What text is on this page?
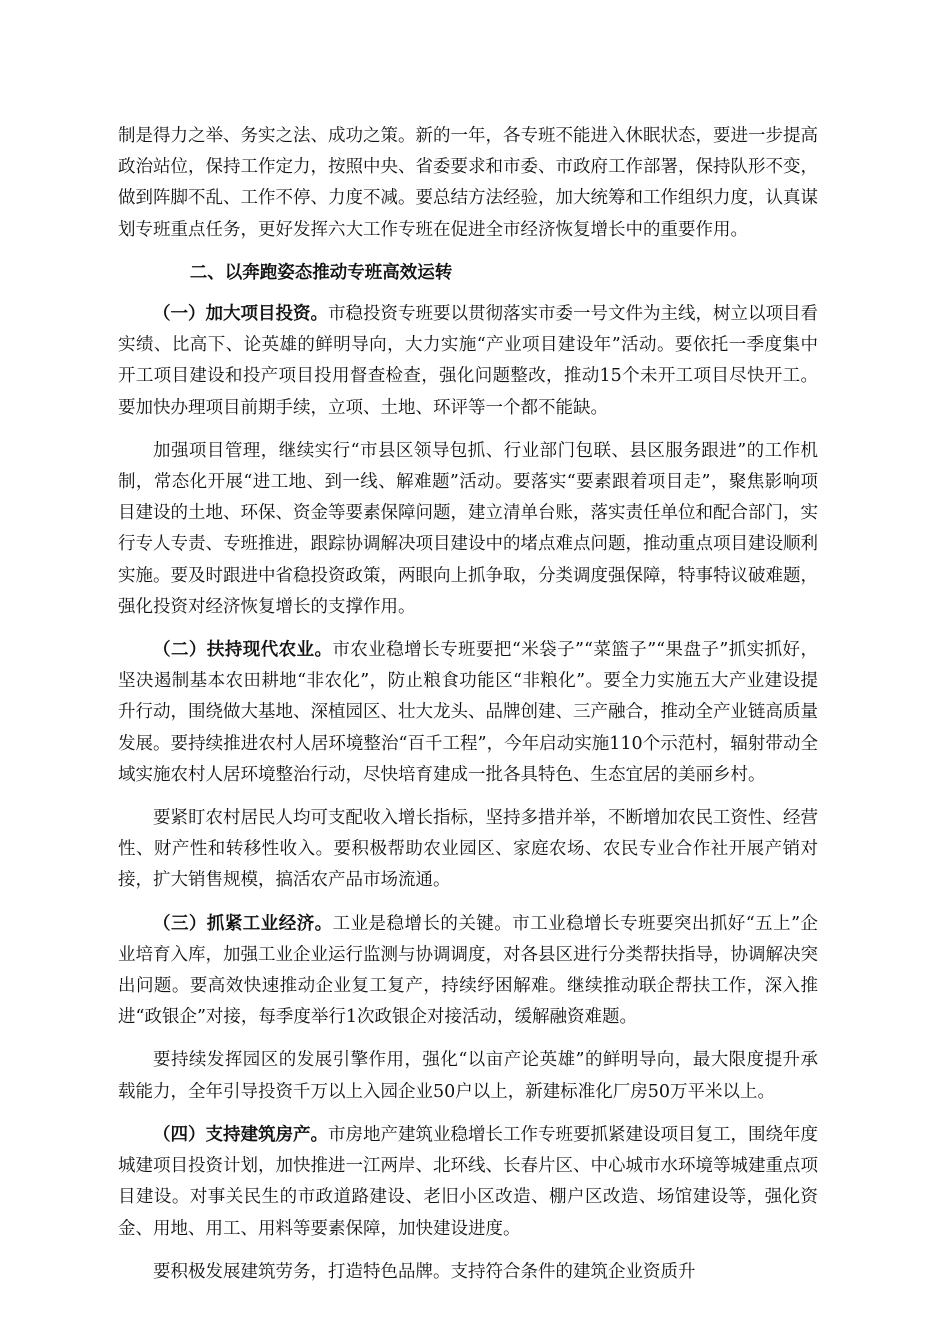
制是得力之举、务实之法、成功之策。新的一年，各专班不能进入休眠状态，要进一步提高政治站位，保持工作定力，按照中央、省委要求和市委、市政府工作部署，保持队形不变，做到阵脚不乱、工作不停、力度不减。要总结方法经验，加大统筹和工作组织力度，认真谋划专班重点任务，更好发挥六大工作专班在促进全市经济恢复增长中的重要作用。

二、以奔跑姿态推动专班高效运转

（一）加大项目投资。市稳投资专班要以贯彻落实市委一号文件为主线，树立以项目看实绩、比高下、论英雄的鲜明导向，大力实施“产业项目建设年”活动。要依托一季度集中开工项目建设和投产项目投用督查检查，强化问题整改，推动15个未开工项目尽快开工。要加快办理项目前期手续，立项、土地、环评等一个都不能缺。

加强项目管理，继续实行“市县区领导包抓、行业部门包联、县区服务跟进”的工作机制，常态化开展“进工地、到一线、解难题”活动。要落实“要素跟着项目走”，聚焦影响项目建设的土地、环保、资金等要素保障问题，建立清单台账，落实责任单位和配合部门，实行专人专责、专班推进，跟踪协调解决项目建设中的堵点难点问题，推动重点项目建设顺利实施。要及时跟进中省稳投资政策，两眼向上抓争取，分类调度强保障，特事特议破难题，强化投资对经济恢复增长的支撑作用。

（二）扶持现代农业。市农业稳增长专班要把“米袋子”“菜篮子”“果盘子”抓实抓好，坚决遏制基本农田耕地“非农化”，防止粮食功能区“非粮化”。要全力实施五大产业建设提升行动，围绕做大基地、深植园区、壮大龙头、品牌创建、三产融合，推动全产业链高质量发展。要持续推进农村人居环境整治“百千工程”，今年启动实施110个示范村，辐射带动全域实施农村人居环境整治行动，尽快培育建成一批各具特色、生态宜居的美丽乡村。

要紧盯农村居民人均可支配收入增长指标，坚持多措并举，不断增加农民工资性、经营性、财产性和转移性收入。要积极帮助农业园区、家庭农场、农民专业合作社开展产销对接，扩大销售规模，搞活农产品市场流通。

（三）抓紧工业经济。工业是稳增长的关键。市工业稳增长专班要突出抓好“五上”企业培育入库，加强工业企业运行监测与协调调度，对各县区进行分类帮扶指导，协调解决突出问题。要高效快速推动企业复工复产，持续纾困解难。继续推动联企帮扶工作，深入推进“政银企”对接，每季度举行1次政银企对接活动，缓解融资难题。

要持续发挥园区的发展引擎作用，强化“以亩产论英雄”的鲜明导向，最大限度提升承载能力，全年引导投资千万以上入园企业50户以上，新建标准化厂房50万平米以上。

（四）支持建筑房产。市房地产建筑业稳增长工作专班要抓紧建设项目复工，围绕年度城建项目投资计划，加快推进一江两岸、北环线、长春片区、中心城市水环境等城建重点项目建设。对事关民生的市政道路建设、老旧小区改造、棚户区改造、场馆建设等，强化资金、用地、用工、用料等要素保障，加快建设进度。

要积极发展建筑劳务，打造特色品牌。支持符合条件的建筑企业资质升
